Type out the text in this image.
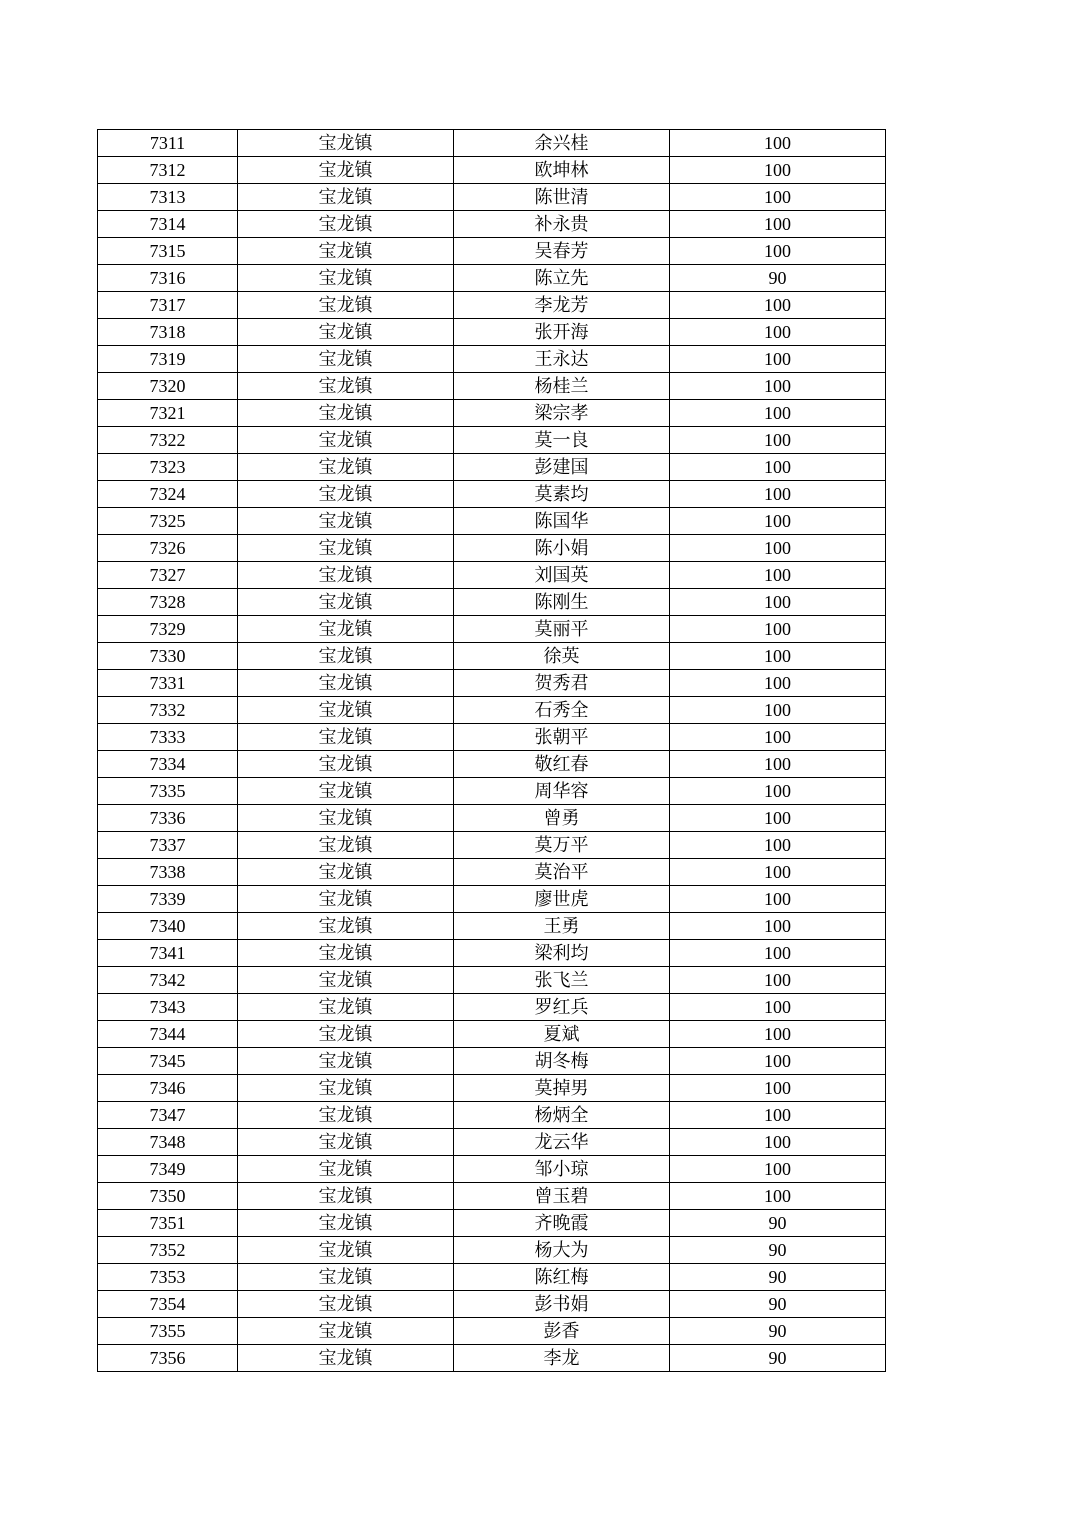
7311	宝龙镇	余兴桂	100
7312	宝龙镇	欧坤林	100
7313	宝龙镇	陈世清	100
7314	宝龙镇	补永贵	100
7315	宝龙镇	吴春芳	100
7316	宝龙镇	陈立先	90
7317	宝龙镇	李龙芳	100
7318	宝龙镇	张开海	100
7319	宝龙镇	王永达	100
7320	宝龙镇	杨桂兰	100
7321	宝龙镇	梁宗孝	100
7322	宝龙镇	莫一良	100
7323	宝龙镇	彭建国	100
7324	宝龙镇	莫素均	100
7325	宝龙镇	陈国华	100
7326	宝龙镇	陈小娟	100
7327	宝龙镇	刘国英	100
7328	宝龙镇	陈刚生	100
7329	宝龙镇	莫丽平	100
7330	宝龙镇	徐英	100
7331	宝龙镇	贺秀君	100
7332	宝龙镇	石秀全	100
7333	宝龙镇	张朝平	100
7334	宝龙镇	敬红春	100
7335	宝龙镇	周华容	100
7336	宝龙镇	曾勇	100
7337	宝龙镇	莫万平	100
7338	宝龙镇	莫治平	100
7339	宝龙镇	廖世虎	100
7340	宝龙镇	王勇	100
7341	宝龙镇	梁利均	100
7342	宝龙镇	张飞兰	100
7343	宝龙镇	罗红兵	100
7344	宝龙镇	夏斌	100
7345	宝龙镇	胡冬梅	100
7346	宝龙镇	莫掉男	100
7347	宝龙镇	杨炳全	100
7348	宝龙镇	龙云华	100
7349	宝龙镇	邹小琼	100
7350	宝龙镇	曾玉碧	100
7351	宝龙镇	齐晚霞	90
7352	宝龙镇	杨大为	90
7353	宝龙镇	陈红梅	90
7354	宝龙镇	彭书娟	90
7355	宝龙镇	彭香	90
7356	宝龙镇	李龙	90
